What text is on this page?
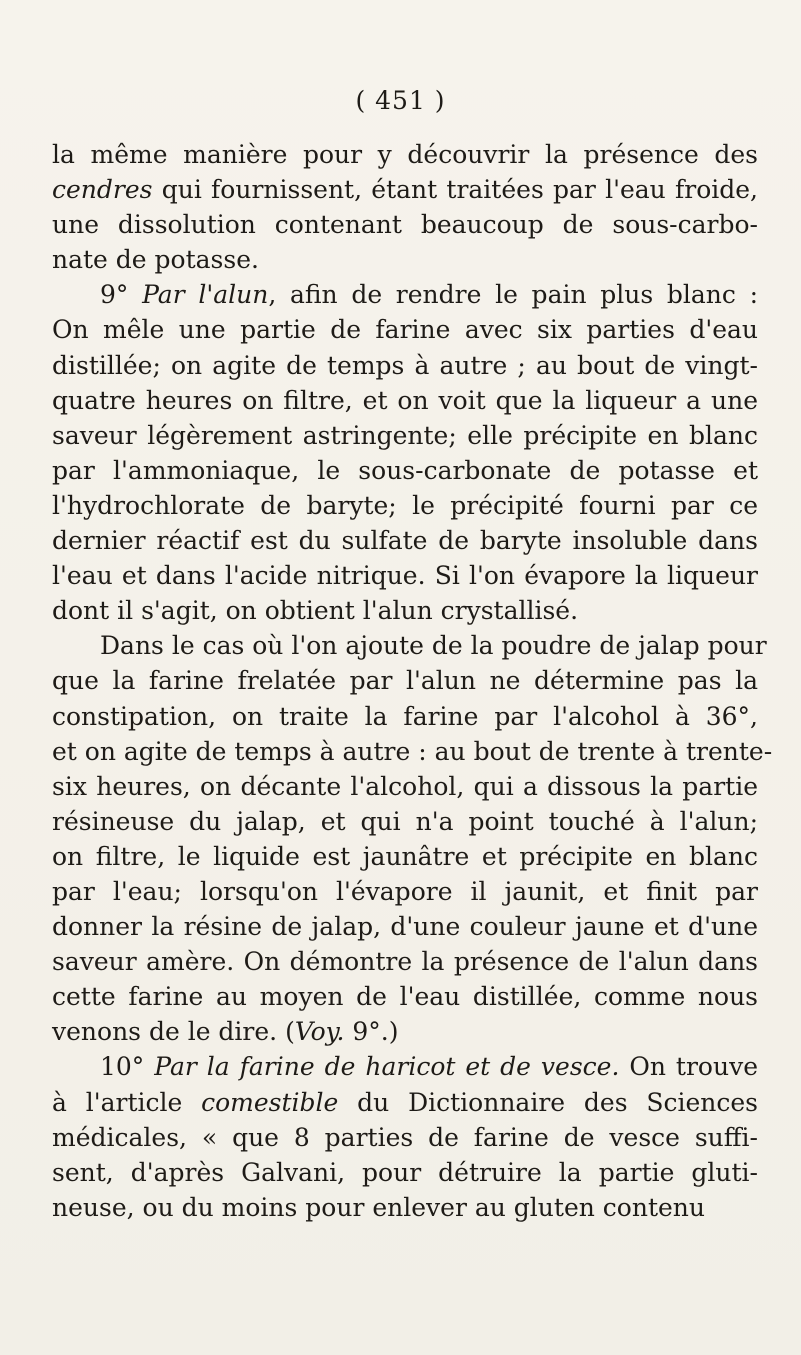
( 451 )
la même manière pour y découvrir la présence des
cendres qui fournissent, étant traitées par l'eau froide,
une dissolution contenant beaucoup de sous-carbo-
nate de potasse.
9° Par l'alun, afin de rendre le pain plus blanc :
On mêle une partie de farine avec six parties d'eau
distillée; on agite de temps à autre ; au bout de vingt-
quatre heures on filtre, et on voit que la liqueur a une
saveur légèrement astringente; elle précipite en blanc
par l'ammoniaque, le sous-carbonate de potasse et
l'hydrochlorate de baryte; le précipité fourni par ce
dernier réactif est du sulfate de baryte insoluble dans
l'eau et dans l'acide nitrique. Si l'on évapore la liqueur
dont il s'agit, on obtient l'alun crystallisé.
Dans le cas où l'on ajoute de la poudre de jalap pour
que la farine frelatée par l'alun ne détermine pas la
constipation, on traite la farine par l'alcohol à 36°,
et on agite de temps à autre : au bout de trente à trente-
six heures, on décante l'alcohol, qui a dissous la partie
résineuse du jalap, et qui n'a point touché à l'alun;
on filtre, le liquide est jaunâtre et précipite en blanc
par l'eau; lorsqu'on l'évapore il jaunit, et finit par
donner la résine de jalap, d'une couleur jaune et d'une
saveur amère. On démontre la présence de l'alun dans
cette farine au moyen de l'eau distillée, comme nous
venons de le dire. (Voy. 9°.)
10° Par la farine de haricot et de vesce. On trouve
à l'article comestible du Dictionnaire des Sciences
médicales, « que 8 parties de farine de vesce suffi-
sent, d'après Galvani, pour détruire la partie gluti-
neuse, ou du moins pour enlever au gluten contenu
